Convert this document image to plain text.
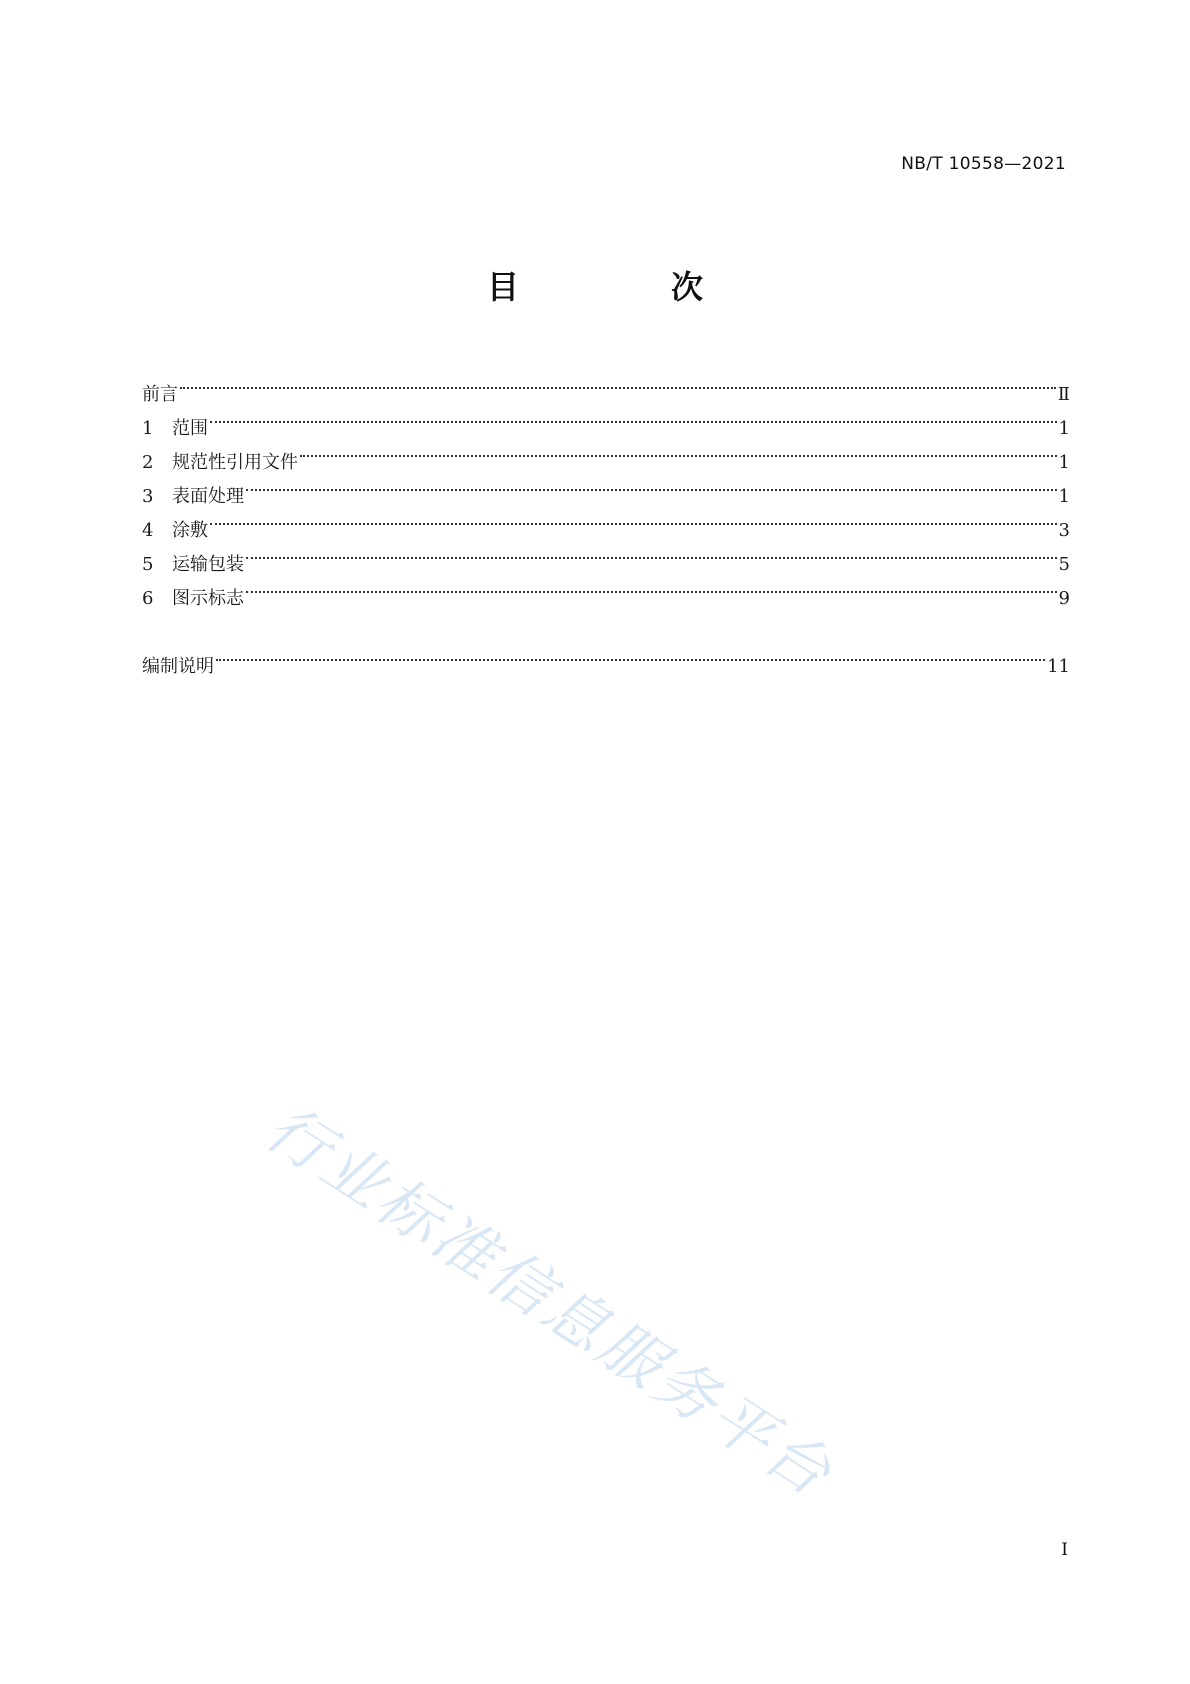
NB/T 10558—2021
目　次
前言	Ⅱ
1	范围	1
2	规范性引用文件	1
3	表面处理	1
4	涂敷	3
5	运输包装	5
6	图示标志	9
编制说明	11
行业标准信息服务平台
I
